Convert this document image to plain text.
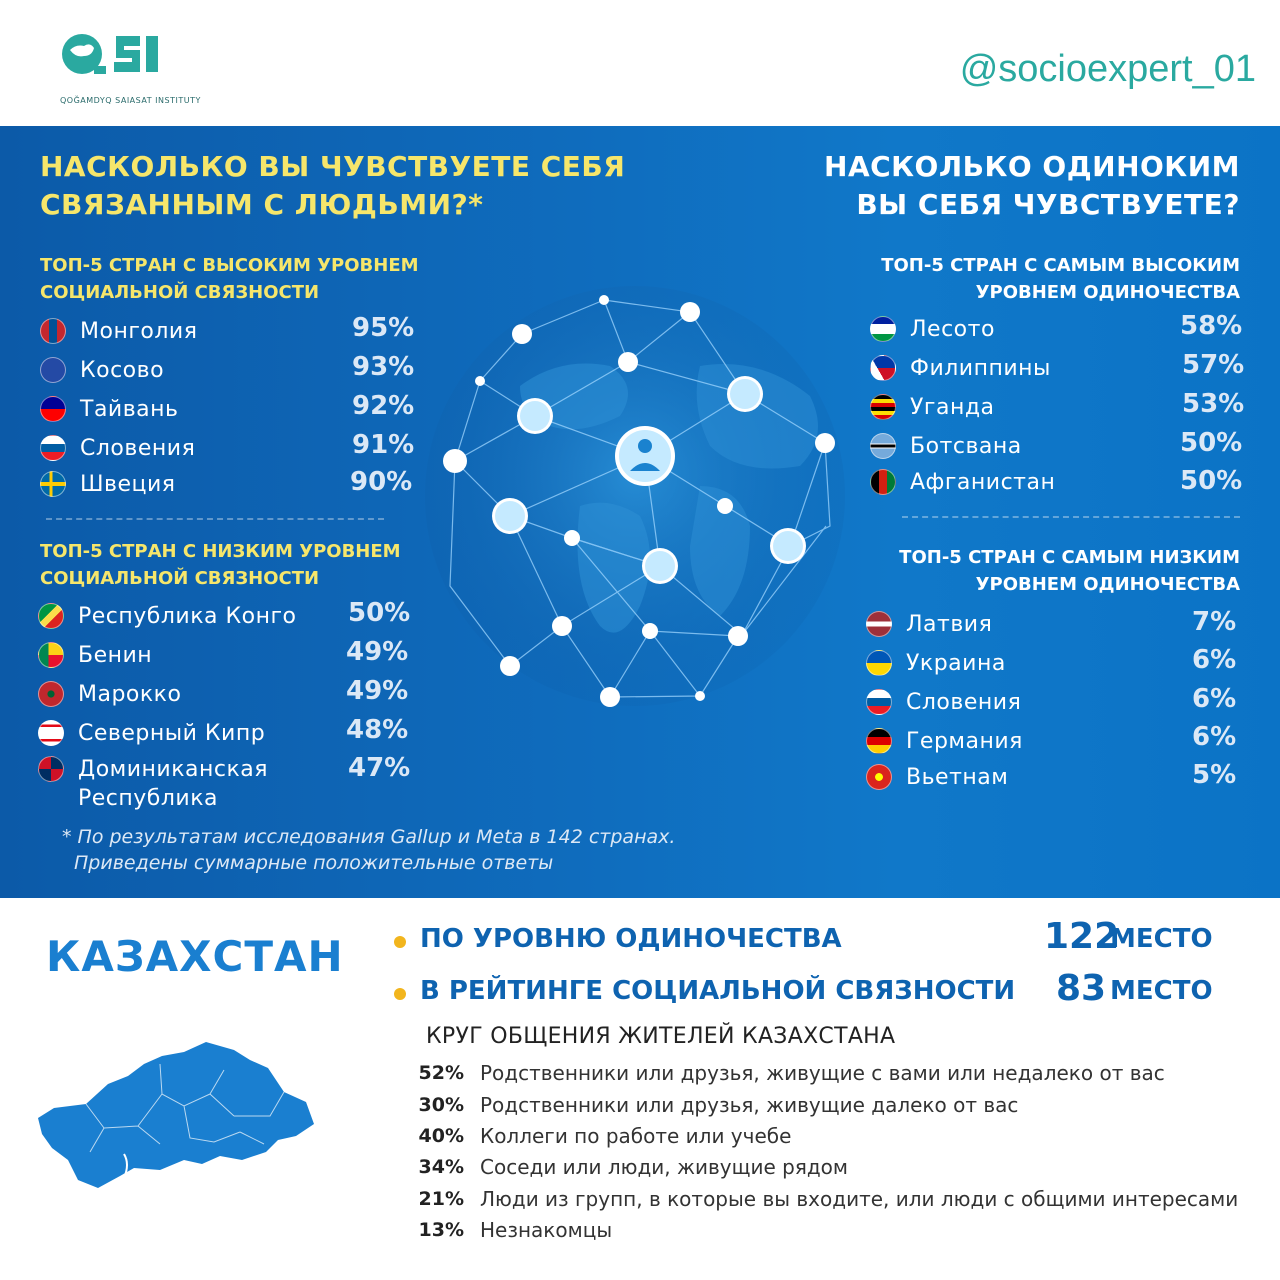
QOĞAMDYQ SAIASAT INSTITUTY
@socioexpert_01
НАСКОЛЬКО ВЫ ЧУВСТВУЕТЕ СЕБЯ
СВЯЗАННЫМ С ЛЮДЬМИ?*
ТОП-5 СТРАН С ВЫСОКИМ УРОВНЕМ
СОЦИАЛЬНОЙ СВЯЗНОСТИ
Монголия	95%
Косово	93%
Тайвань	92%
Словения	91%
Швеция	90%
ТОП-5 СТРАН С НИЗКИМ УРОВНЕМ
СОЦИАЛЬНОЙ СВЯЗНОСТИ
Республика Конго 50%
Бенин	49%
Марокко	49%
Северный Кипр	48%
Доминиканская
Республика
47%
* По результатам исследования Gallup и Meta в 142 странах.
Приведены суммарные положительные ответы
НАСКОЛЬКО ОДИНОКИМ
ВЫ СЕБЯ ЧУВСТВУЕТЕ?
ТОП-5 СТРАН С САМЫМ ВЫСОКИМ
УРОВНЕМ ОДИНОЧЕСТВА
Лесото	58%
Филиппины	57%
Уганда	53%
Ботсвана	50%
Афганистан	50%
ТОП-5 СТРАН С САМЫМ НИЗКИМ
УРОВНЕМ ОДИНОЧЕСТВА
Латвия	7%
Украина	6%
Словения	6%
Германия	6%
Вьетнам	5%
КАЗАХСТАН	ПО УРОВНЮ ОДИНОЧЕСТВА	122
МЕСТО
В РЕЙТИНГЕ СОЦИАЛЬНОЙ СВЯЗНОСТИ 83 МЕСТО
КРУГ ОБЩЕНИЯ ЖИТЕЛЕЙ КАЗАХСТАНА
52% Родственники или друзья, живущие с вами или недалеко от вас
30% Родственники или друзья, живущие далеко от вас
40% Коллеги по работе или учебе
34% Соседи или люди, живущие рядом
21% Люди из групп, в которые вы входите, или люди с общими интересами
13% Незнакомцы
